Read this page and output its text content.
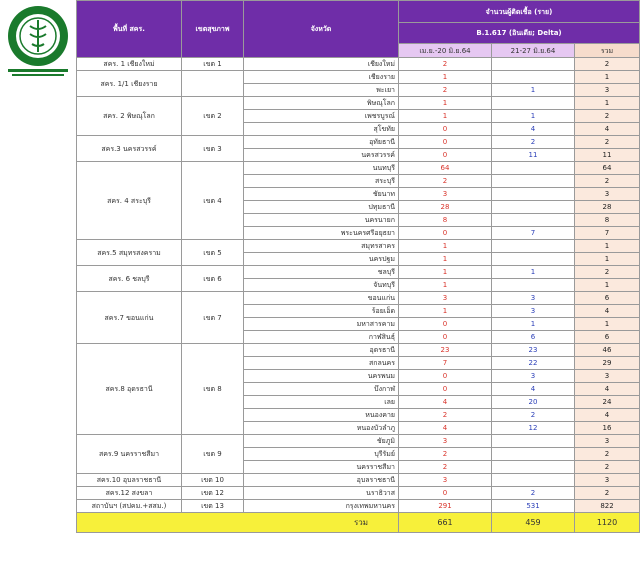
พื้นที่ สคร.	เขตสุขภาพ	จังหวัด	จำนวนผู้ติดเชื้อ (ราย)		
			B.1.617 (อินเดีย; Delta)		
			เม.ย.-20 มิ.ย.64	21-27 มิ.ย.64	รวม
สคร. 1 เชียงใหม่	เขต 1	เชียงใหม่	2		2
สคร. 1/1 เชียงราย		เชียงราย	1		1
		พะเยา	2	1	3
สคร. 2 พิษณุโลก	เขต 2	พิษณุโลก	1		1
		เพชรบูรณ์	1	1	2
		สุโขทัย	0	4	4
สคร.3 นครสวรรค์	เขต 3	อุทัยธานี	0	2	2
		นครสวรรค์	0	11	11
สคร. 4 สระบุรี	เขต 4	นนทบุรี	64		64
		สระบุรี	2		2
		ชัยนาท	3		3
		ปทุมธานี	28		28
		นครนายก	8		8
		พระนครศรีอยุธยา	0	7	7
สคร.5 สมุทรสงคราม	เขต 5	สมุทรสาคร	1		1
		นครปฐม	1		1
สคร. 6 ชลบุรี	เขต 6	ชลบุรี	1	1	2
		จันทบุรี	1		1
สคร.7 ขอนแก่น	เขต 7	ขอนแก่น	3	3	6
		ร้อยเอ็ด	1	3	4
		มหาสารคาม	0	1	1
		กาฬสินธุ์	0	6	6
สคร.8 อุดรธานี	เขต 8	อุดรธานี	23	23	46
		สกลนคร	7	22	29
		นครพนม	0	3	3
		บึงกาฬ	0	4	4
		เลย	4	20	24
		หนองคาย	2	2	4
		หนองบัวลำภู	4	12	16
สคร.9 นครราชสีมา	เขต 9	ชัยภูมิ	3		3
		บุรีรัมย์	2		2
		นครราชสีมา	2		2
สคร.10 อุบลราชธานี	เขต 10	อุบลราชธานี	3		3
สคร.12 สงขลา	เขต 12	นราธิวาส	0	2	2
สถาบันฯ (สปคม.+สสม.)	เขต 13	กรุงเทพมหานคร	291	531	822
รวม			661	459	1120
